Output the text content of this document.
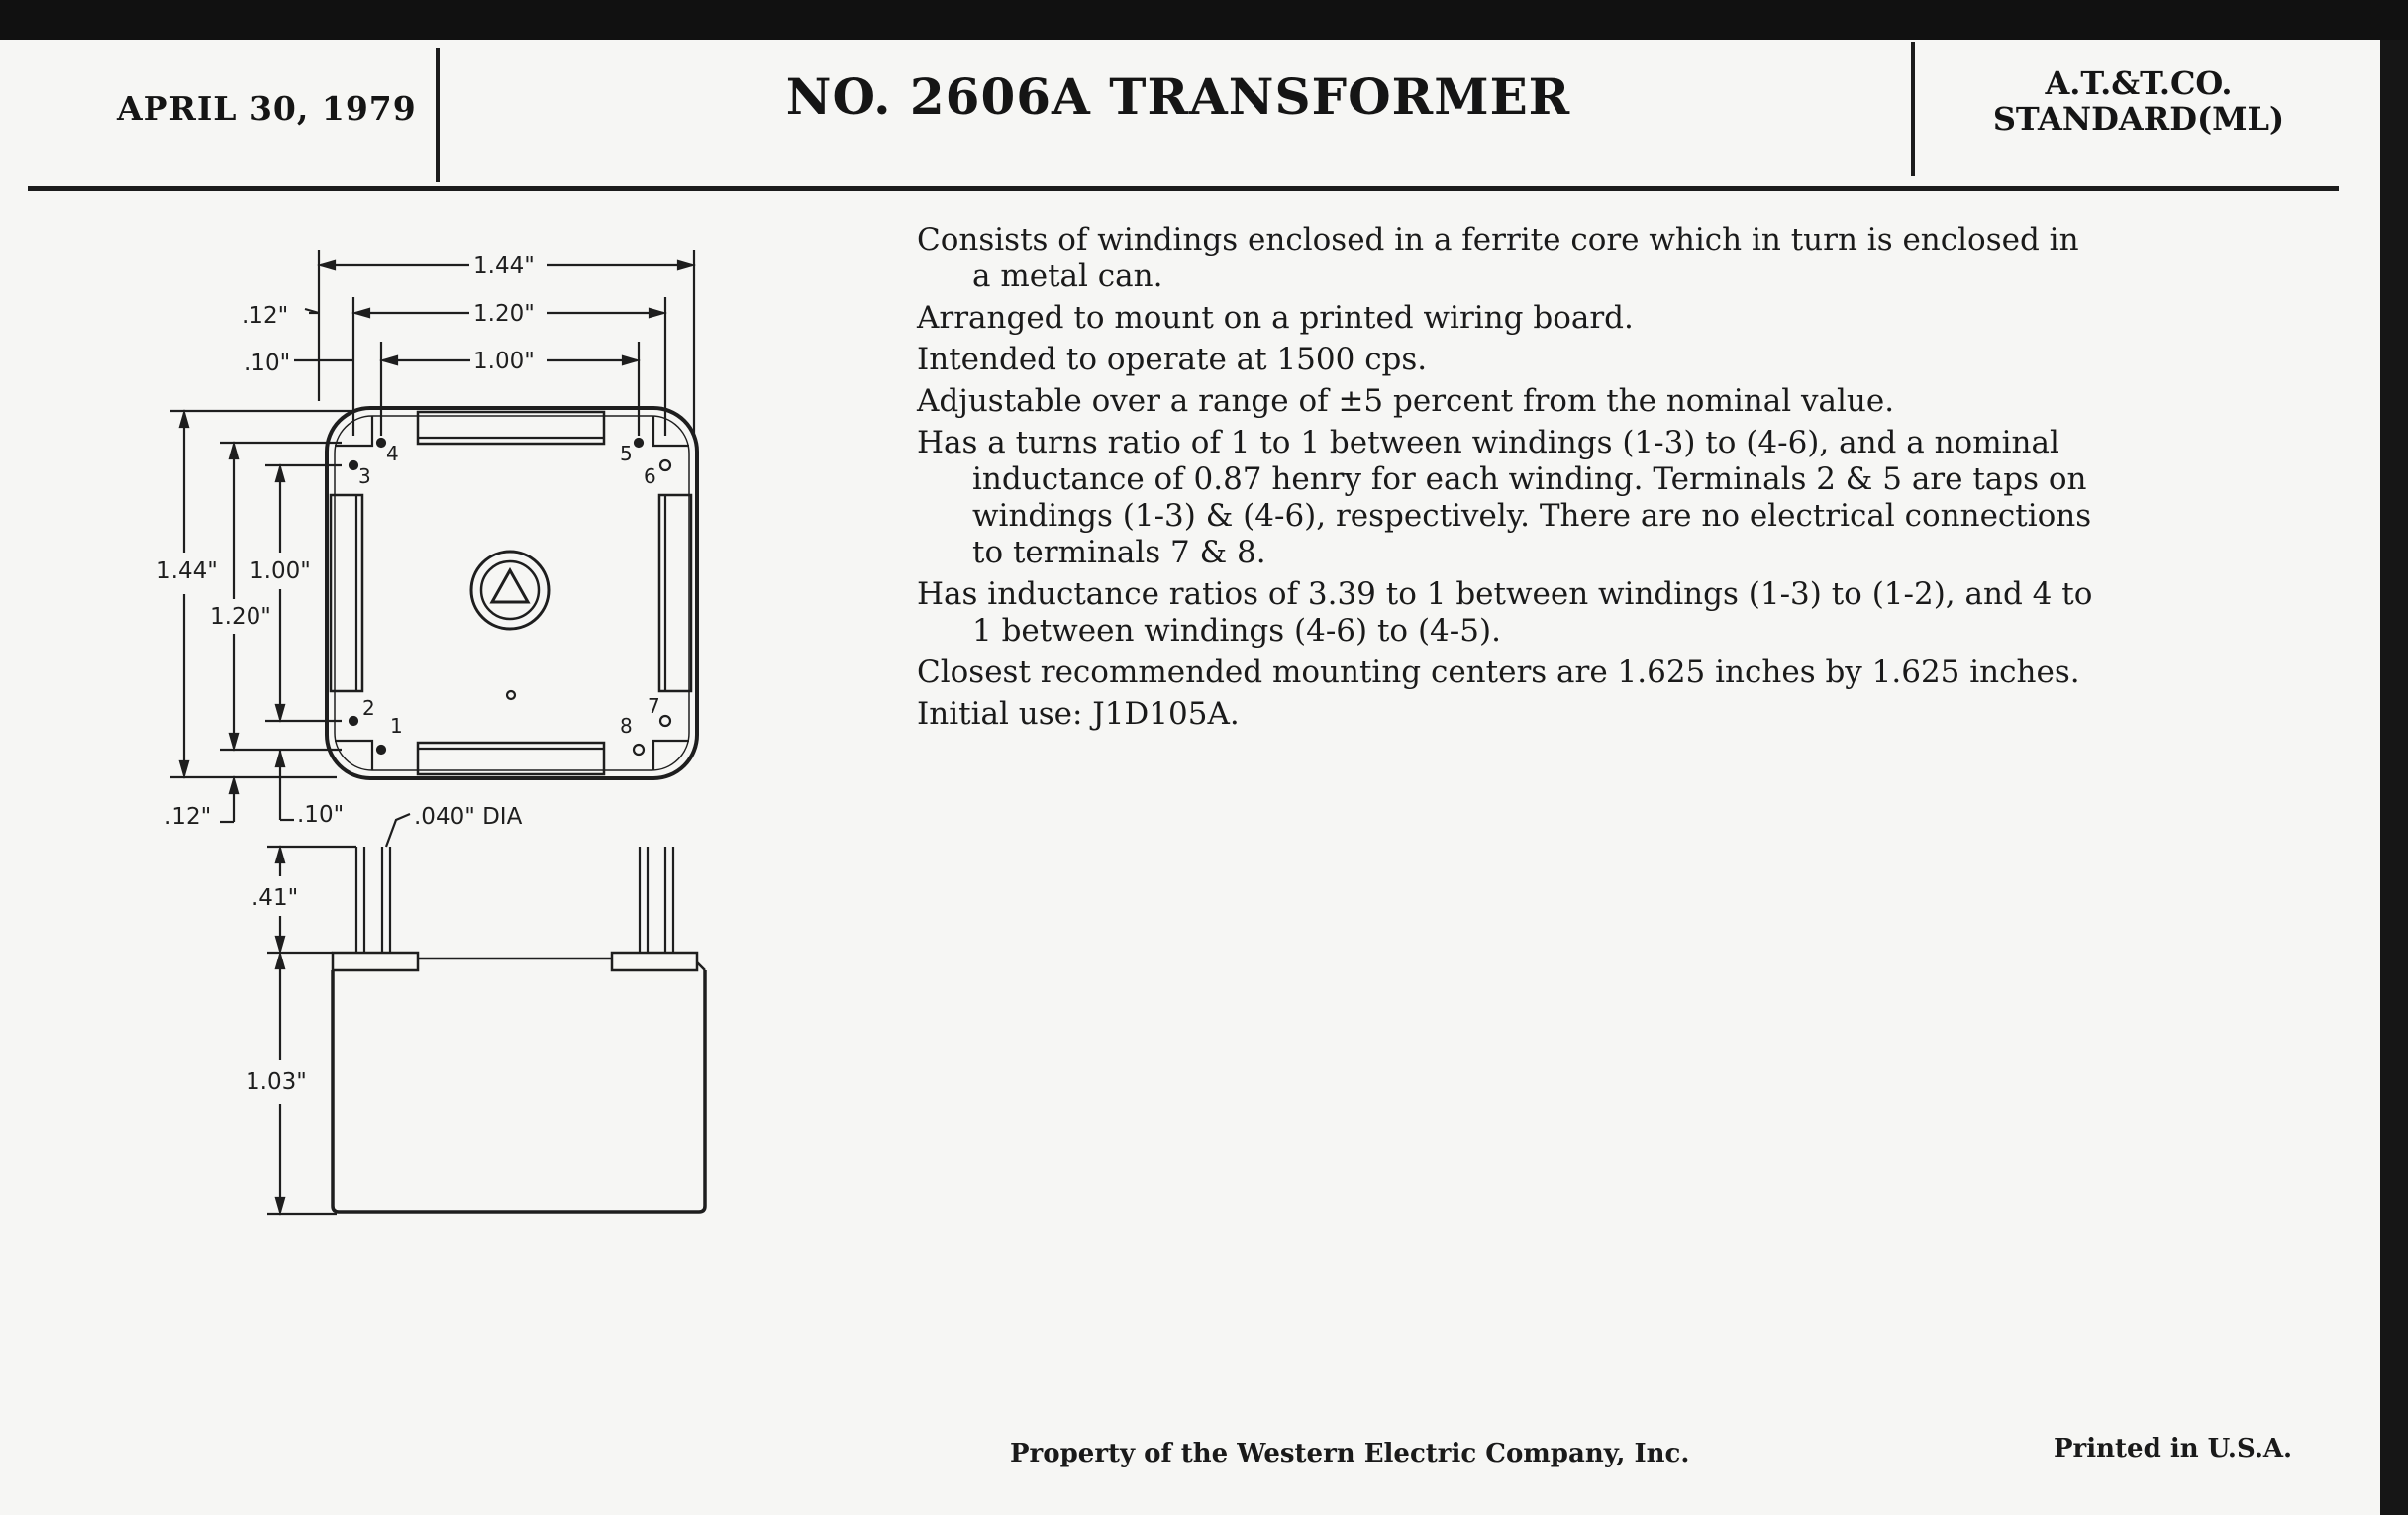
APRIL 30, 1979	NO. 2606A TRANSFORMER	A.T.&T.CO.
STANDARD(ML)

Consists of windings enclosed in a ferrite core which in turn is enclosed in a metal can.

Arranged to mount on a printed wiring board.

Intended to operate at 1500 cps.

Adjustable over a range of ±5 percent from the nominal value.

Has a turns ratio of 1 to 1 between windings (1-3) to (4-6), and a nominal inductance of 0.87 henry for each winding. Terminals 2 & 5 are taps on windings (1-3) & (4-6), respectively. There are no electrical connections to terminals 7 & 8.

Has inductance ratios of 3.39 to 1 between windings (1-3) to (1-2), and 4 to 1 between windings (4-6) to (4-5).

Closest recommended mounting centers are 1.625 inches by 1.625 inches.

Initial use: J1D105A.

1.44"
1.20"
1.00"
.12"
.10"
1.44" 1.00"
1.20"
.12"	.10"	.040" DIA
.41"
1.03"
3
4	5
6
2
1
7
8
Property of the Western Electric Company, Inc.	Printed in U.S.A.
